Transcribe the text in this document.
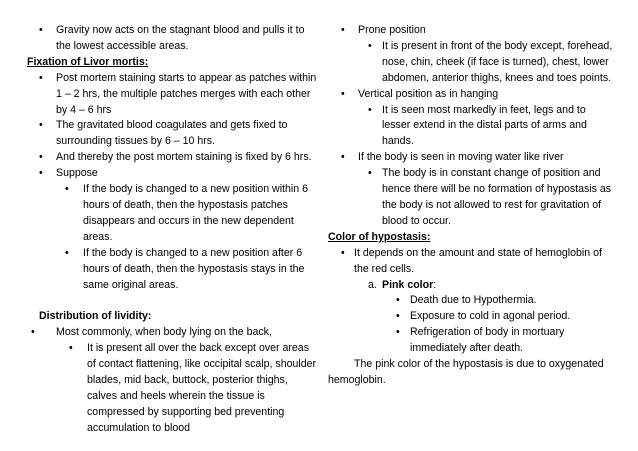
•	Gravity now acts on the stagnant blood and pulls it to the lowest accessible areas.
Fixation of Livor mortis:
•	Post mortem staining starts to appear as patches within 1 – 2 hrs, the multiple patches merges with each other by 4 – 6 hrs
•	The gravitated blood coagulates and gets fixed to surrounding tissues by 6 – 10 hrs.
•	And thereby the post mortem staining is fixed by 6 hrs.
•	Suppose
•	If the body is changed to a new position within 6 hours of death, then the hypostasis patches disappears and occurs in the new dependent areas.
•	If the body is changed to a new position after 6 hours of death, then the hypostasis stays in the same original areas.
Distribution of lividity:
•	Most commonly, when body lying on the back,
•	It is present all over the back except over areas of contact flattening, like occipital scalp, shoulder blades, mid back, buttock, posterior thighs, calves and heels wherein the tissue is compressed by supporting bed preventing accumulation to blood
•	Prone position
• It is present in front of the body except, forehead, nose, chin, cheek (if face is turned), chest, lower abdomen, anterior thighs, knees and toes points.
•	Vertical position as in hanging
• It is seen most markedly in feet, legs and to lesser extend in the distal parts of arms and hands.
•	If the body is seen in moving water like river
• The body is in constant change of position and hence there will be no formation of hypostasis as the body is not allowed to rest for gravitation of blood to occur.
Color of hypostasis:
• It depends on the amount and state of hemoglobin of the red cells.
a. Pink color:
• Death due to Hypothermia.
• Exposure to cold in agonal period.
• Refrigeration of body in mortuary immediately after death.
The pink color of the hypostasis is due to oxygenated hemoglobin.
